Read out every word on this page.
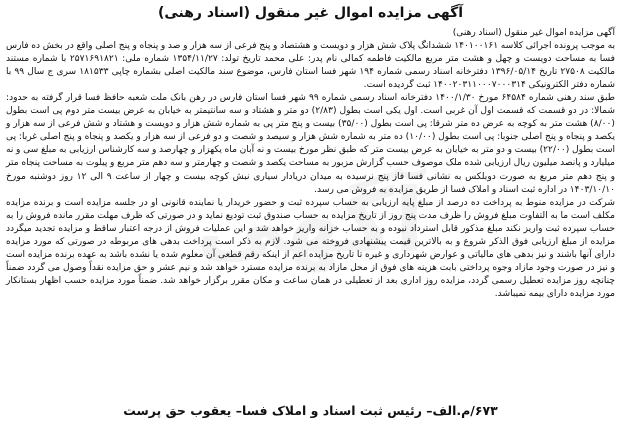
آگهی مزایده اموال غیر منقول (اسناد رهنی)

آگهی مزایده اموال غیر منقول (اسناد رهنی)

به موجب پرونده اجرائی کلاسه ۱۴۰۱۰۰۱۶۱ ششدانگ پلاک شش هزار و دویست و هشتصاد و پنج فرعی از سه هزار و صد و پنجاه و پنج اصلی واقع در بخش ده فارس فسا به مساحت دویست و چهل و هشت متر مربع مالکیت فاطمه کمالی نام پدر: علی محمد تاریخ تولد: ۱۳۵۴/۱۱/۲۷ شماره ملی: ۲۵۷۱۶۹۱۸۲۱ با شماره مستند مالکیت ۲۷۵۰۸ تاریخ ۱۳۹۶/۰۵/۱۴ دفترخانه اسناد رسمی شماره ۱۹۴ شهر فسا استان فارس، موضوع سند مالکیت اصلی بشماره چاپی ۱۸۱۵۳۳ سری ج سال ۹۹ با شماره دفتر الکترونیکی ۱۴۰۰۲۰۳۱۱۰۰۰۷۰۰۰۳۱۴ ثبت گردیده است.

طبق سند رهنی شماره ۶۴۵۸۴ مورخ ۱۴۰۰/۱/۳۰ دفترخانه اسناد رسمی شماره ۹۹ شهر فسا استان فارس در رهن بانک ملت شعبه حافظ فسا قرار گرفته به حدود: شمالا: در دو قسمت که قسمت اول آن غربی است. اول یکی است بطول (۲/۸۳) دو متر و هشتاد و سه سانتیمتر به خیابان به عرض بیست متر دوم پی است بطول (۸/۰۰) هشت متر به کوچه به عرض ده متر شرقا: پی است بطول (۳۵/۰۰) بیست و پنج متر پی به شماره شش هزار و دویست و هشتاد و شش فرعی از سه هزار و یکصد و پنجاه و پنج اصلی جنوبا: پی است بطول (۱۰/۰۰) ده متر به شماره شش هزار و سیصد و شصت و دو فرعی از سه هزار و یکصد و پنجاه و پنج اصلی غربا: پی است بطول (۲۲/۰۰) بیست و دو متر به خیابان به عرض بیست متر که طبق نظر مورخ بیست و نه آبان ماه یکهزار و چهارصد و سه کارشناس ارزیابی به مبلغ سی و نه میلیارد و پانصد میلیون ریال ارزیابی شده ملک موصوف حسب گزارش مزبور به مساحت یکصد و شصت و چهارمتر و سه دهم متر مربع و پیلوت به مساحت پنجاه متر و پنج دهم متر مربع به صورت دوبلکس به نشانی فسا فاز پنج نرسیده به میدان دریادار سیاری نبش کوچه بیست و چهار از ساعت ۹ الی ۱۲ روز دوشنبه مورخ ۱۴۰۳/۱۰/۱۰ در اداره ثبت اسناد و املاک فسا از طریق مزایده به فروش می رسد.

شرکت در مزایده منوط به پرداخت ده درصد از مبلغ پایه ارزیابی به حساب سپرده ثبت و حضور خریدار یا نماینده قانونی او در جلسه مزایده است و برنده مزایده مکلف است ما به التفاوت مبلغ فروش را ظرف مدت پنج روز از تاریخ مزایده به حساب صندوق ثبت تودیع نماید و در صورتی که ظرف مهلت مقرر مانده فروش را به حساب سپرده ثبت واریز نکند مبلغ مذکور قابل استرداد نبوده و به حساب خزانه واریز خواهد شد و این عملیات فروش از درجه اعتبار ساقط و مزایده تجدید میگردد مزایده از مبلغ ارزیابی فوق الذکر شروع و به بالاترین قیمت پیشنهادی فروخته می شود. لازم به ذکر است پرداخت بدهی های مربوطه در صورتی که مورد مزایده دارای آنها باشند و نیز بدهی های مالیاتی و عوارض شهرداری و غیره تا تاریخ مزایده اعم از اینکه رقم قطعی آن معلوم شده یا نشده باشد به عهده برنده مزایده است و نیز در صورت وجود مازاد وجوه پرداختی بابت هزینه های فوق از محل مازاد به برنده مزایده مسترد خواهد شد و نیم عشر و حق مزایده نقداً وصول می گردد ضمناً چنانچه روز مزایده تعطیل رسمی گردد، مزایده روز اداری بعد از تعطیلی در همان ساعت و مکان مقرر برگزار خواهد شد. ضمناً مورد مزایده حسب اظهار بستانکار مورد مزایده دارای بیمه نمیباشد.

۶۷۳/م.الف– رئیس ثبت اسناد و املاک فسا– یعقوب حق پرست
